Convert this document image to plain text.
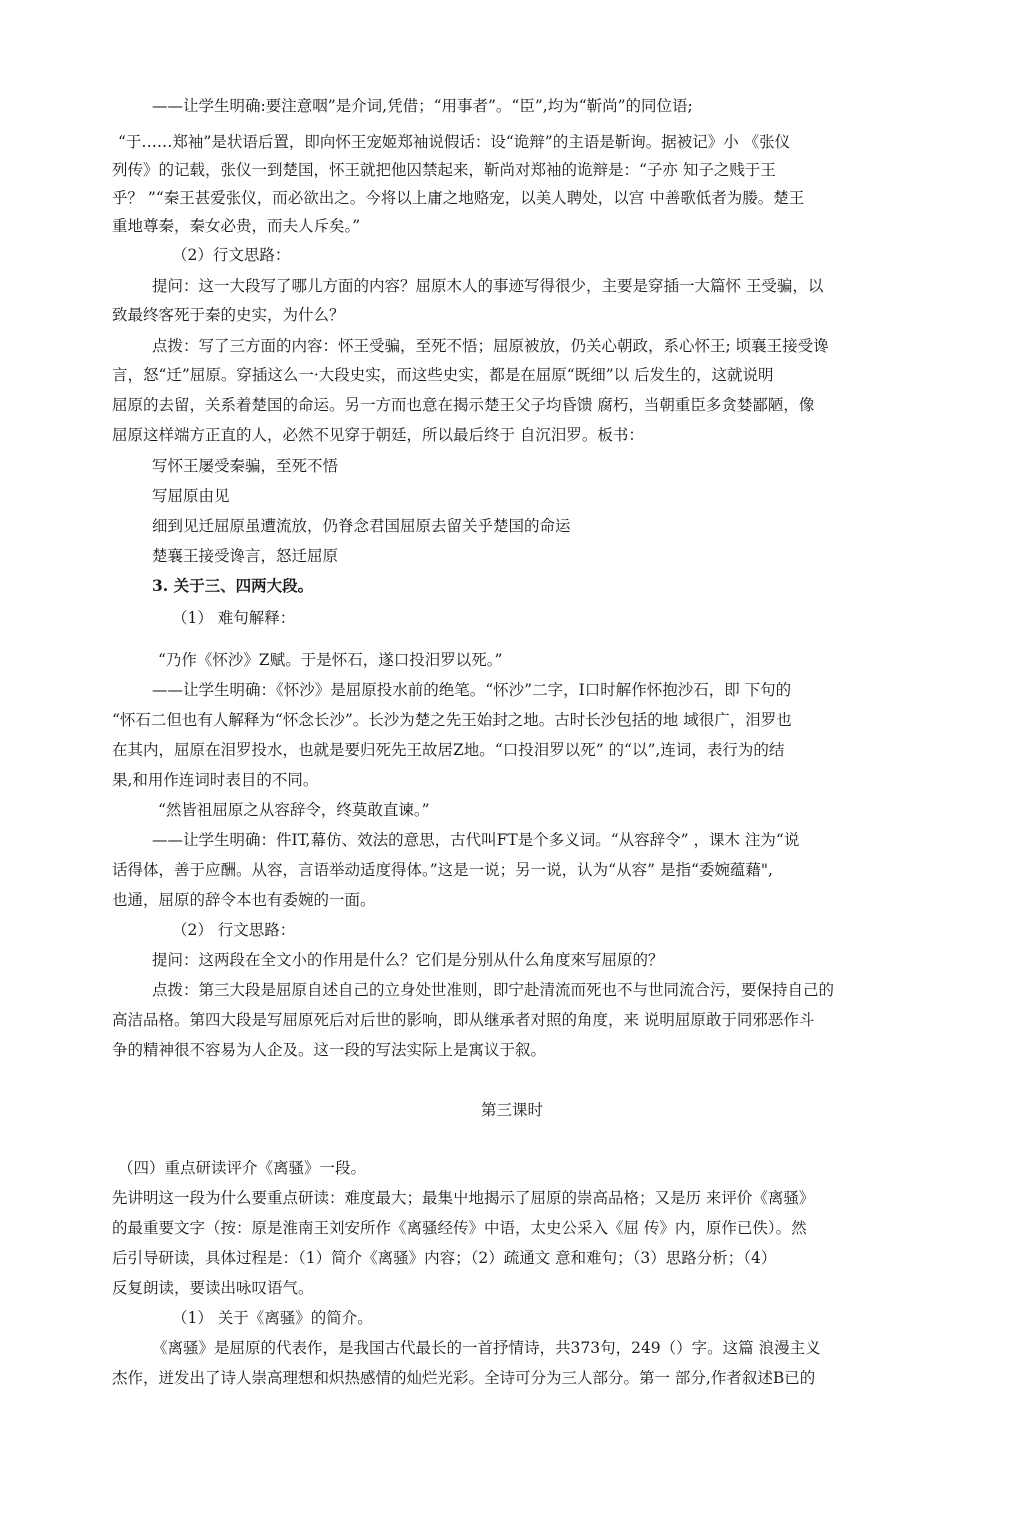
——让学生明确:要注意咽”是介词,凭借；“用事者”。“臣”,均为“靳尚”的同位语;
“于……郑袖”是状语后置，即向怀王宠姬郑袖说假话：设“诡辩”的主语是靳询。据被记》小 《张仪
列传》的记载，张仪一到楚国，怀王就把他囚禁起来，靳尚对郑袖的诡辩是：“子亦 知子之贱于王
乎？ ”“秦王甚爱张仪，而必欲出之。今将以上庸之地赂宠，以美人聘处，以宫 中善歌低者为媵。楚王
重地尊秦，秦女必贵，而夫人斥矣。”
（2）行文思路：
提问：这一大段写了哪儿方面的内容？屈原木人的事迹写得很少，主要是穿插一大篇怀 王受骗，以
致最终客死于秦的史实，为什么？
点拨：写了三方面的内容：怀王受骗，至死不悟；屈原被放，仍关心朝政，系心怀王; 顷襄王接受谗
言，怒“迁”屈原。穿插这么一·大段史实，而这些史实，都是在屈原“既细”以 后发生的，这就说明
屈原的去留，关系着楚国的命运。另一方而也意在揭示楚王父子均昏馈 腐朽，当朝重臣多贪婪鄙陋，像
屈原这样端方正直的人，必然不见穿于朝廷，所以最后终于 自沉汨罗。板书：
写怀王屡受秦骗，至死不悟
写屈原由见
细到见迁屈原虽遭流放，仍脊念君国屈原去留关乎楚国的命运
楚襄王接受谗言，怒迁屈原
3. 关于三、四两大段。
（1） 难句解释：
“乃作《怀沙》Z赋。于是怀石，遂口投汨罗以死。”
——让学生明确：《怀沙》是屈原投水前的绝笔。“怀沙”二字，I口时解作怀抱沙石，即 下句的
“怀石二但也有人解释为“怀念长沙”。长沙为楚之先王始封之地。古时长沙包括的地 域很广，泪罗也
在其内，屈原在泪罗投水，也就是要归死先王故居Z地。“口投泪罗以死” 的“以”,连词，表行为的结
果,和用作连词时表目的不同。
“然皆祖屈原之从容辞令，终莫敢直谏。”
——让学生明确：件IT,幕仿、效法的意思，古代叫FT是个多义词。“从容辞令” ，课木 注为“说
话得体，善于应酬。从容，言语举动适度得体。”这是一说；另一说，认为“从容” 是指“委婉蕴藉",
也通，屈原的辞令本也有委婉的一面。
（2） 行文思路：
提问：这两段在全文小的作用是什么？它们是分别从什么角度來写屈原的？
点拨：第三大段是屈原自述自己的立身处世准则，即宁赴清流而死也不与世同流合污，要保持自己的
高洁品格。第四大段是写屈原死后对后世的影响，即从继承者对照的角度，来 说明屈原敢于同邪恶作斗
争的精神很不容易为人企及。这一段的写法实际上是寓议于叙。
第三课时
（四）重点研读评介《离骚》一段。
先讲明这一段为什么要重点研读：难度最大；最集屮地揭示了屈原的崇高品格；又是历 来评价《离骚》
的最重要文字（按：原是淮南王刘安所作《离骚经传》中语，太史公采入《屈 传》内，原作已佚）。然
后引导研读，具体过程是：（1）简介《离骚》内容；（2）疏通文 意和难句；（3）思路分析；（4）
反复朗读，要读出咏叹语气。
（1） 关于《离骚》的简介。
《离骚》是屈原的代表作，是我国古代最长的一首抒情诗，共373句，249（）字。这篇 浪漫主义
杰作，迸发出了诗人崇高理想和炽热感情的灿烂光彩。全诗可分为三人部分。第一 部分,作者叙述B已的
